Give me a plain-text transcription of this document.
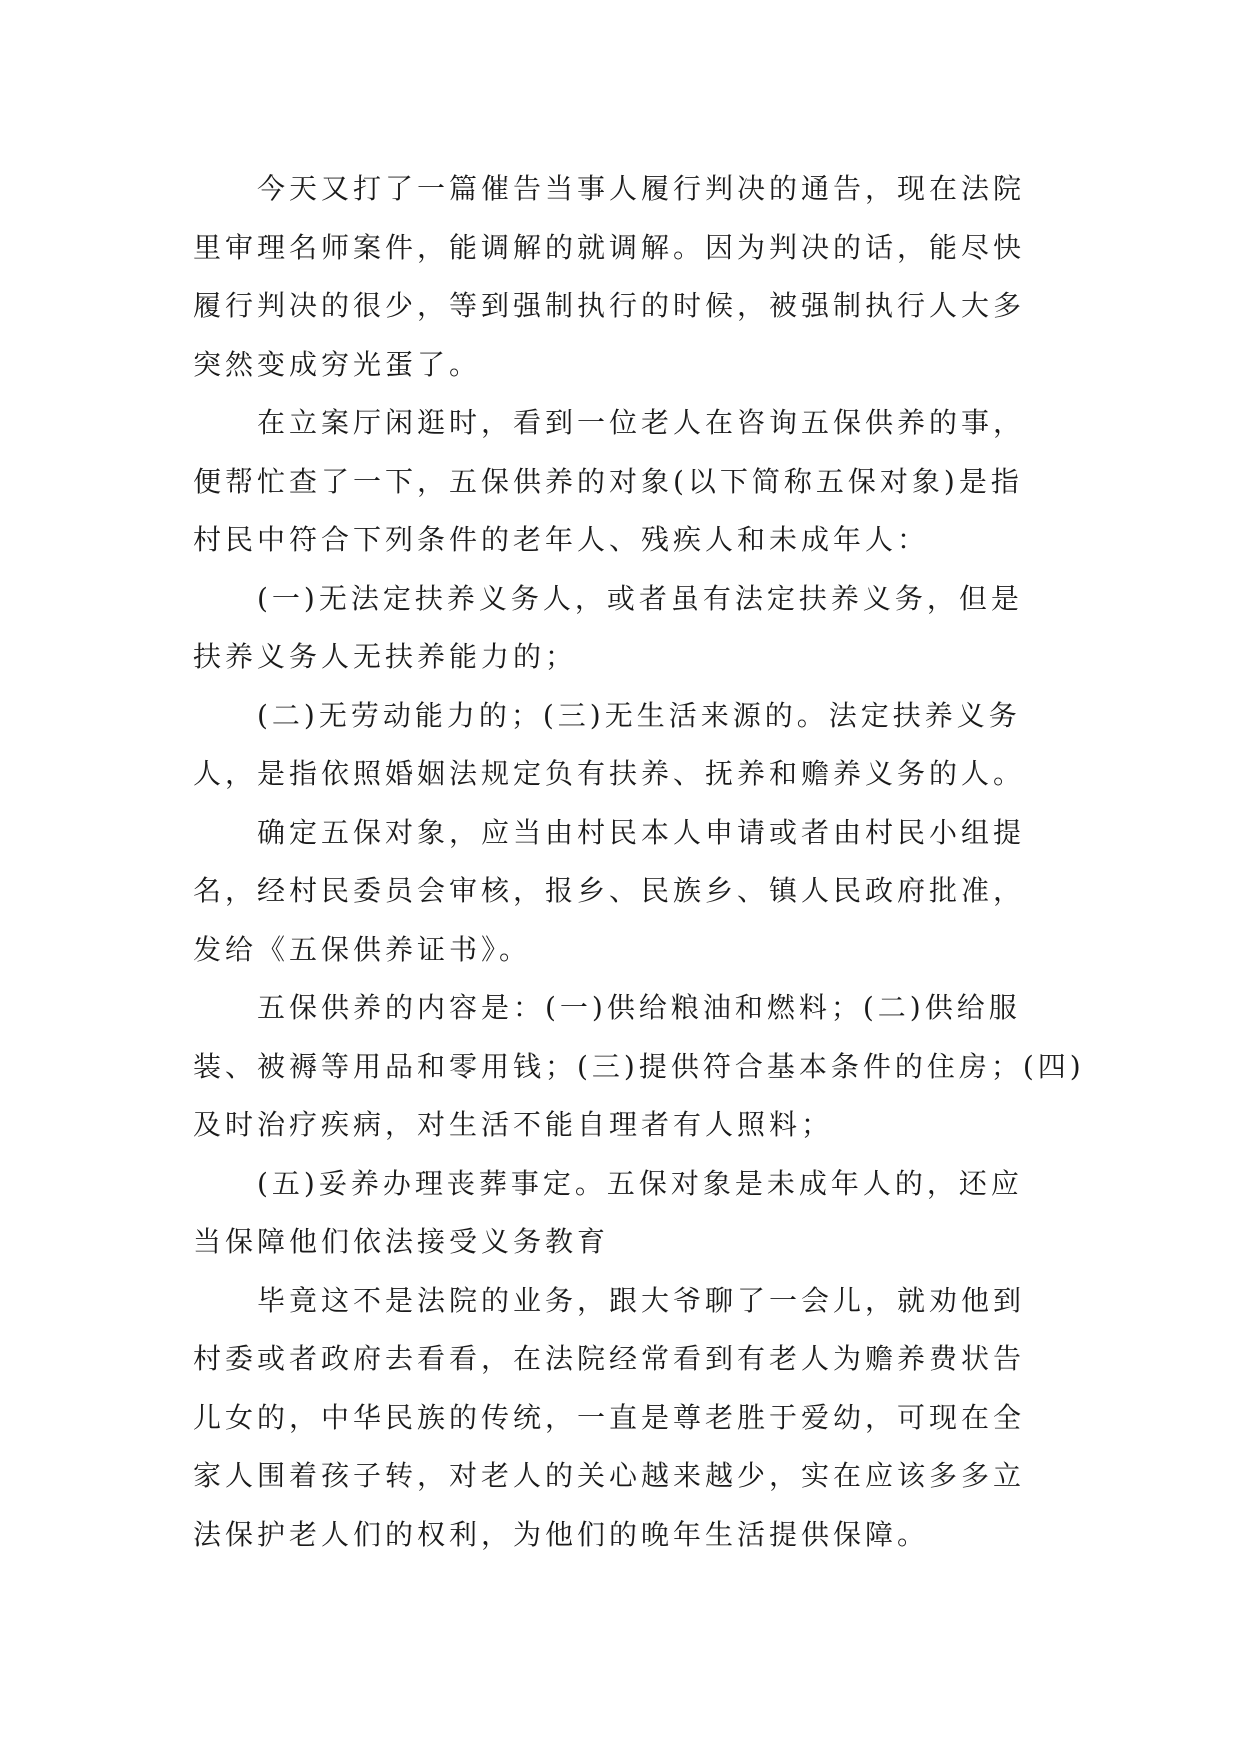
今天又打了一篇催告当事人履行判决的通告，现在法院
里审理名师案件，能调解的就调解。因为判决的话，能尽快
履行判决的很少，等到强制执行的时候，被强制执行人大多
突然变成穷光蛋了。
在立案厅闲逛时，看到一位老人在咨询五保供养的事，
便帮忙查了一下，五保供养的对象(以下简称五保对象)是指
村民中符合下列条件的老年人、残疾人和未成年人：
(一)无法定扶养义务人，或者虽有法定扶养义务，但是
扶养义务人无扶养能力的；
(二)无劳动能力的；(三)无生活来源的。法定扶养义务
人，是指依照婚姻法规定负有扶养、抚养和赡养义务的人。
确定五保对象，应当由村民本人申请或者由村民小组提
名，经村民委员会审核，报乡、民族乡、镇人民政府批准，
发给《五保供养证书》。
五保供养的内容是：(一)供给粮油和燃料；(二)供给服
装、被褥等用品和零用钱；(三)提供符合基本条件的住房；(四)
及时治疗疾病，对生活不能自理者有人照料；
(五)妥养办理丧葬事定。五保对象是未成年人的，还应
当保障他们依法接受义务教育
毕竟这不是法院的业务，跟大爷聊了一会儿，就劝他到
村委或者政府去看看，在法院经常看到有老人为赡养费状告
儿女的，中华民族的传统，一直是尊老胜于爱幼，可现在全
家人围着孩子转，对老人的关心越来越少，实在应该多多立
法保护老人们的权利，为他们的晚年生活提供保障。
